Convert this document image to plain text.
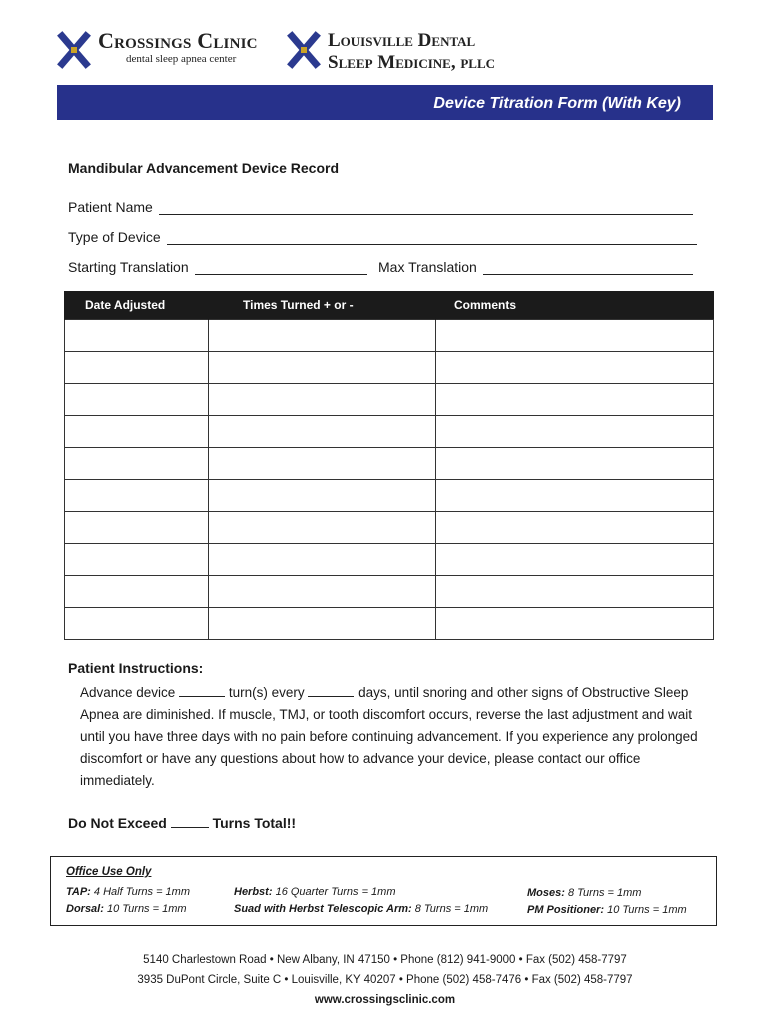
Crossings Clinic
dental sleep apnea center
Louisville Dental
Sleep Medicine, pllc
Device Titration Form (With Key)
Mandibular Advancement Device Record
Patient Name
Type of Device
Starting Translation	Max Translation
Date Adjusted	Times Turned + or -	Comments

Patient Instructions:
Advance device	turn(s) every	days, until snoring and other signs of Obstructive Sleep Apnea are diminished. If muscle, TMJ, or tooth discomfort occurs, reverse the last adjustment and wait until you have three days with no pain before continuing advancement. If you experience any prolonged discomfort or have any questions about how to advance your device, please contact our office immediately.
Do Not Exceed	Turns Total!!
Office Use Only
TAP: 4 Half Turns = 1mm
Dorsal: 10 Turns = 1mm
Herbst: 16 Quarter Turns = 1mm
Suad with Herbst Telescopic Arm: 8 Turns = 1mm
Moses: 8 Turns = 1mm
PM Positioner: 10 Turns = 1mm
5140 Charlestown Road • New Albany, IN 47150 • Phone (812) 941-9000 • Fax (502) 458-7797
3935 DuPont Circle, Suite C • Louisville, KY 40207 • Phone (502) 458-7476 • Fax (502) 458-7797
www.crossingsclinic.com
